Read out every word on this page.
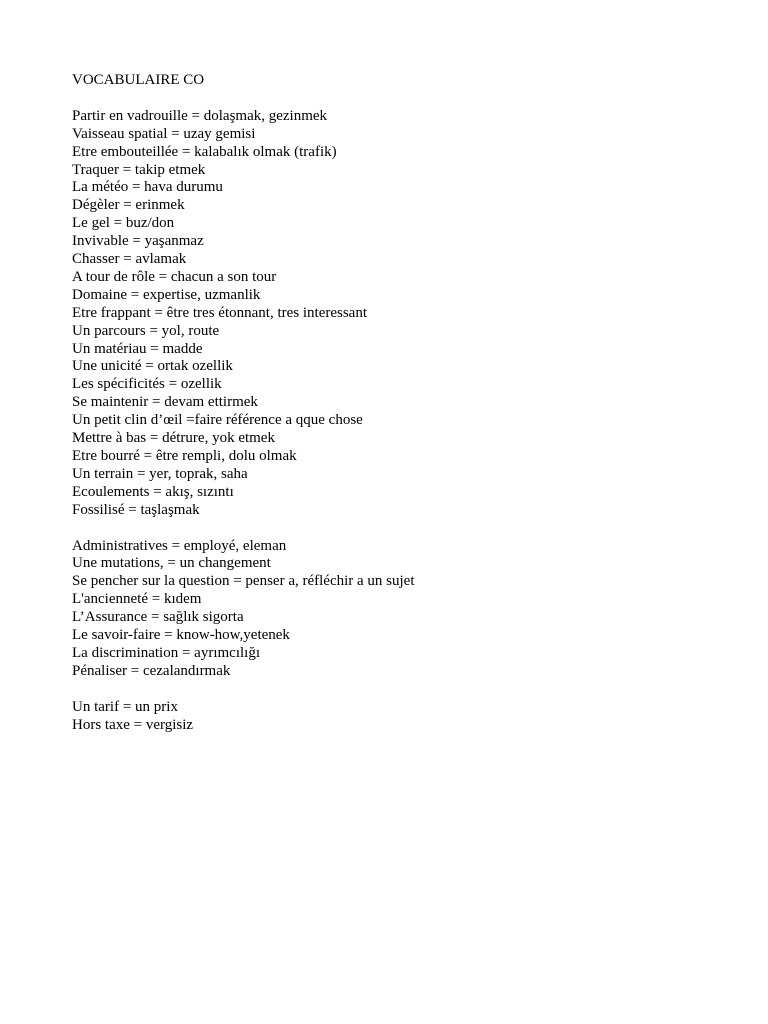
VOCABULAIRE CO
Partir en vadrouille = dolaşmak, gezinmek
Vaisseau spatial = uzay gemisi
Etre embouteillée = kalabalık olmak (trafik)
Traquer = takip etmek
La météo = hava durumu
Dégèler = erinmek
Le gel = buz/don
Invivable = yaşanmaz
Chasser = avlamak
A tour de rôle = chacun a son tour
Domaine = expertise, uzmanlik
Etre frappant = être tres étonnant, tres interessant
Un parcours = yol, route
Un matériau = madde
Une unicité = ortak ozellik
Les spécificités = ozellik
Se maintenir = devam ettirmek
Un petit clin d’œil =faire référence a qque chose
Mettre à bas = détrure, yok etmek
Etre bourré = être rempli, dolu olmak
Un terrain = yer, toprak, saha
Ecoulements = akış, sızıntı
Fossilisé = taşlaşmak
Administratives = employé, eleman
Une mutations, = un changement
Se pencher sur la question = penser a, réfléchir a un sujet
L'ancienneté = kıdem
L’Assurance = sağlık sigorta
Le savoir-faire = know-how,yetenek
La discrimination = ayrımcılığı
Pénaliser = cezalandırmak
Un tarif = un prix
Hors taxe = vergisiz
